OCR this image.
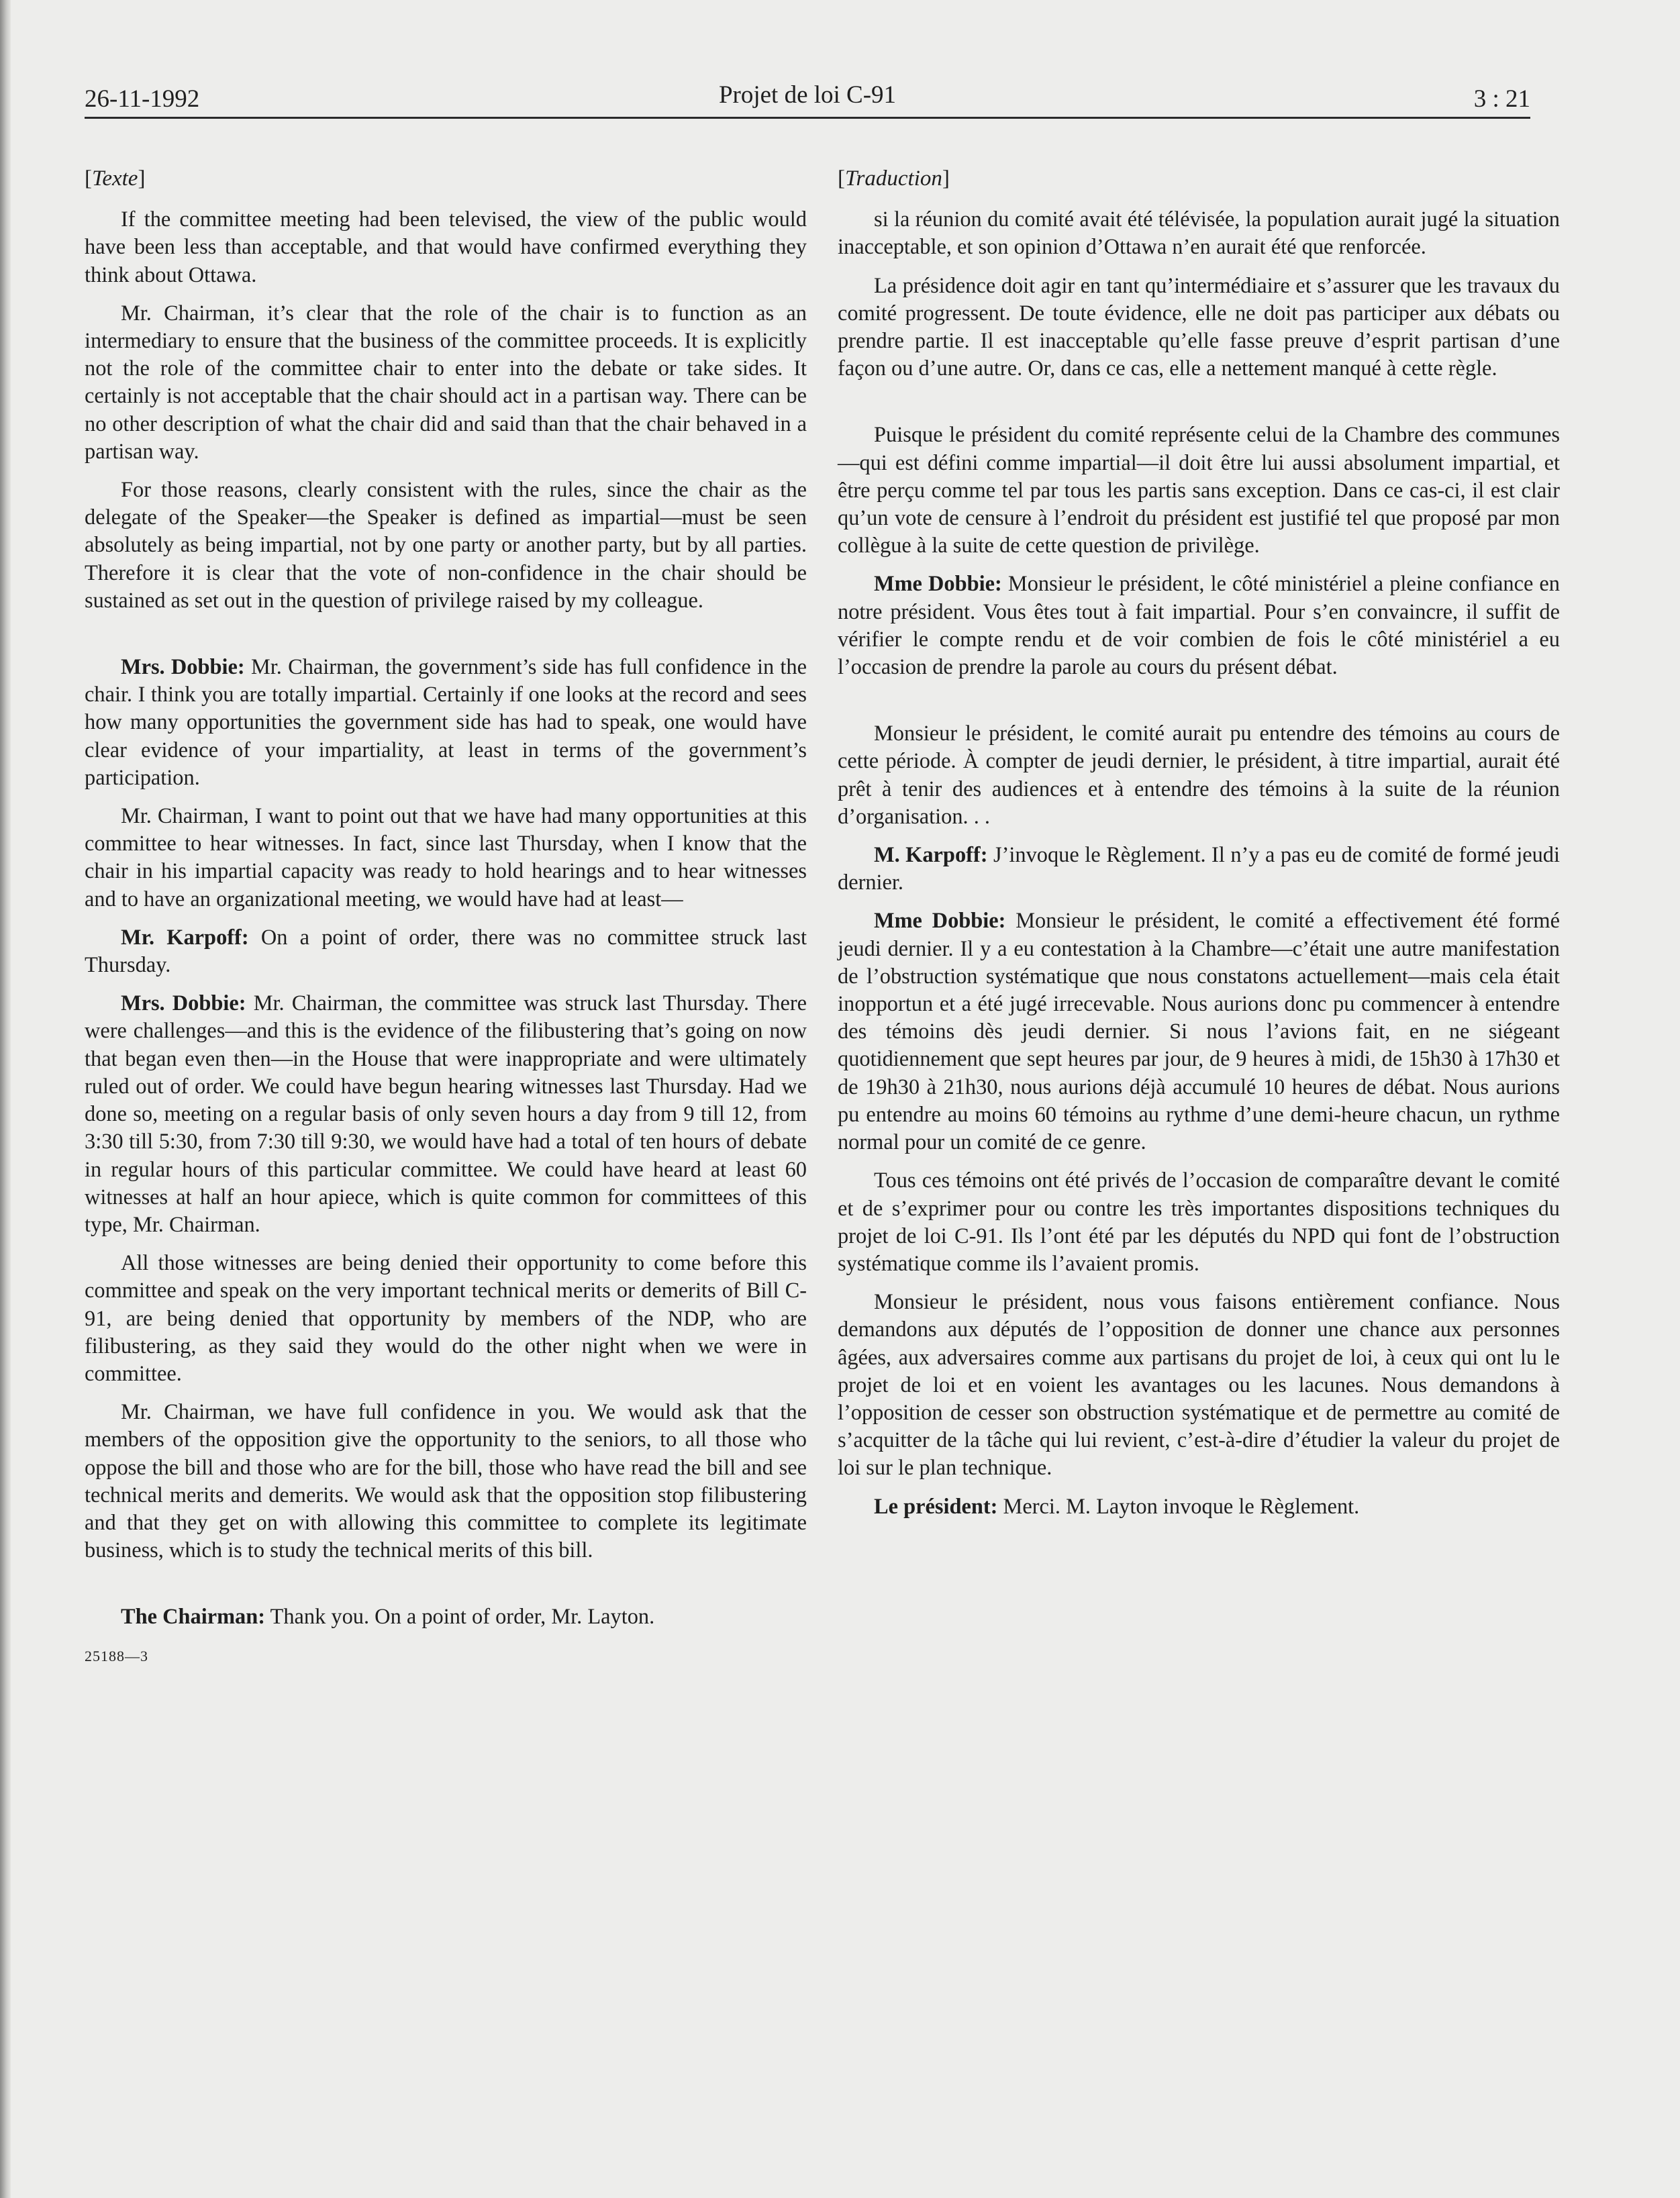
26-11-1992	Projet de loi C-91	3 : 21
[Texte]

If the committee meeting had been televised, the view of the public would have been less than acceptable, and that would have confirmed everything they think about Ottawa.

Mr. Chairman, it’s clear that the role of the chair is to function as an intermediary to ensure that the business of the committee proceeds. It is explicitly not the role of the committee chair to enter into the debate or take sides. It certainly is not acceptable that the chair should act in a partisan way. There can be no other description of what the chair did and said than that the chair behaved in a partisan way.

For those reasons, clearly consistent with the rules, since the chair as the delegate of the Speaker—the Speaker is defined as impartial—must be seen absolutely as being impartial, not by one party or another party, but by all parties. Therefore it is clear that the vote of non-confidence in the chair should be sustained as set out in the question of privilege raised by my colleague.

Mrs. Dobbie: Mr. Chairman, the government’s side has full confidence in the chair. I think you are totally impartial. Certainly if one looks at the record and sees how many opportunities the government side has had to speak, one would have clear evidence of your impartiality, at least in terms of the government’s participation.

Mr. Chairman, I want to point out that we have had many opportunities at this committee to hear witnesses. In fact, since last Thursday, when I know that the chair in his impartial capacity was ready to hold hearings and to hear witnesses and to have an organizational meeting, we would have had at least—

Mr. Karpoff: On a point of order, there was no committee struck last Thursday.

Mrs. Dobbie: Mr. Chairman, the committee was struck last Thursday. There were challenges—and this is the evidence of the filibustering that’s going on now that began even then—in the House that were inappropriate and were ultimately ruled out of order. We could have begun hearing witnesses last Thursday. Had we done so, meeting on a regular basis of only seven hours a day from 9 till 12, from 3:30 till 5:30, from 7:30 till 9:30, we would have had a total of ten hours of debate in regular hours of this particular committee. We could have heard at least 60 witnesses at half an hour apiece, which is quite common for committees of this type, Mr. Chairman.

All those witnesses are being denied their opportunity to come before this committee and speak on the very important technical merits or demerits of Bill C-91, are being denied that opportunity by members of the NDP, who are filibustering, as they said they would do the other night when we were in committee.

Mr. Chairman, we have full confidence in you. We would ask that the members of the opposition give the opportunity to the seniors, to all those who oppose the bill and those who are for the bill, those who have read the bill and see technical merits and demerits. We would ask that the opposition stop filibustering and that they get on with allowing this committee to complete its legitimate business, which is to study the technical merits of this bill.

The Chairman: Thank you. On a point of order, Mr. Layton.

25188—3
[Traduction]

si la réunion du comité avait été télévisée, la population aurait jugé la situation inacceptable, et son opinion d’Ottawa n’en aurait été que renforcée.

La présidence doit agir en tant qu’intermédiaire et s’assurer que les travaux du comité progressent. De toute évidence, elle ne doit pas participer aux débats ou prendre partie. Il est inacceptable qu’elle fasse preuve d’esprit partisan d’une façon ou d’une autre. Or, dans ce cas, elle a nettement manqué à cette règle.

Puisque le président du comité représente celui de la Chambre des communes—qui est défini comme impartial—il doit être lui aussi absolument impartial, et être perçu comme tel par tous les partis sans exception. Dans ce cas-ci, il est clair qu’un vote de censure à l’endroit du président est justifié tel que proposé par mon collègue à la suite de cette question de privilège.

Mme Dobbie: Monsieur le président, le côté ministériel a pleine confiance en notre président. Vous êtes tout à fait impartial. Pour s’en convaincre, il suffit de vérifier le compte rendu et de voir combien de fois le côté ministériel a eu l’occasion de prendre la parole au cours du présent débat.

Monsieur le président, le comité aurait pu entendre des témoins au cours de cette période. À compter de jeudi dernier, le président, à titre impartial, aurait été prêt à tenir des audiences et à entendre des témoins à la suite de la réunion d’organisation. . .

M. Karpoff: J’invoque le Règlement. Il n’y a pas eu de comité de formé jeudi dernier.

Mme Dobbie: Monsieur le président, le comité a effectivement été formé jeudi dernier. Il y a eu contestation à la Chambre—c’était une autre manifestation de l’obstruction systématique que nous constatons actuellement—mais cela était inopportun et a été jugé irrecevable. Nous aurions donc pu commencer à entendre des témoins dès jeudi dernier. Si nous l’avions fait, en ne siégeant quotidiennement que sept heures par jour, de 9 heures à midi, de 15h30 à 17h30 et de 19h30 à 21h30, nous aurions déjà accumulé 10 heures de débat. Nous aurions pu entendre au moins 60 témoins au rythme d’une demi-heure chacun, un rythme normal pour un comité de ce genre.

Tous ces témoins ont été privés de l’occasion de comparaître devant le comité et de s’exprimer pour ou contre les très importantes dispositions techniques du projet de loi C-91. Ils l’ont été par les députés du NPD qui font de l’obstruction systématique comme ils l’avaient promis.

Monsieur le président, nous vous faisons entièrement confiance. Nous demandons aux députés de l’opposition de donner une chance aux personnes âgées, aux adversaires comme aux partisans du projet de loi, à ceux qui ont lu le projet de loi et en voient les avantages ou les lacunes. Nous demandons à l’opposition de cesser son obstruction systématique et de permettre au comité de s’acquitter de la tâche qui lui revient, c’est-à-dire d’étudier la valeur du projet de loi sur le plan technique.

Le président: Merci. M. Layton invoque le Règlement.
